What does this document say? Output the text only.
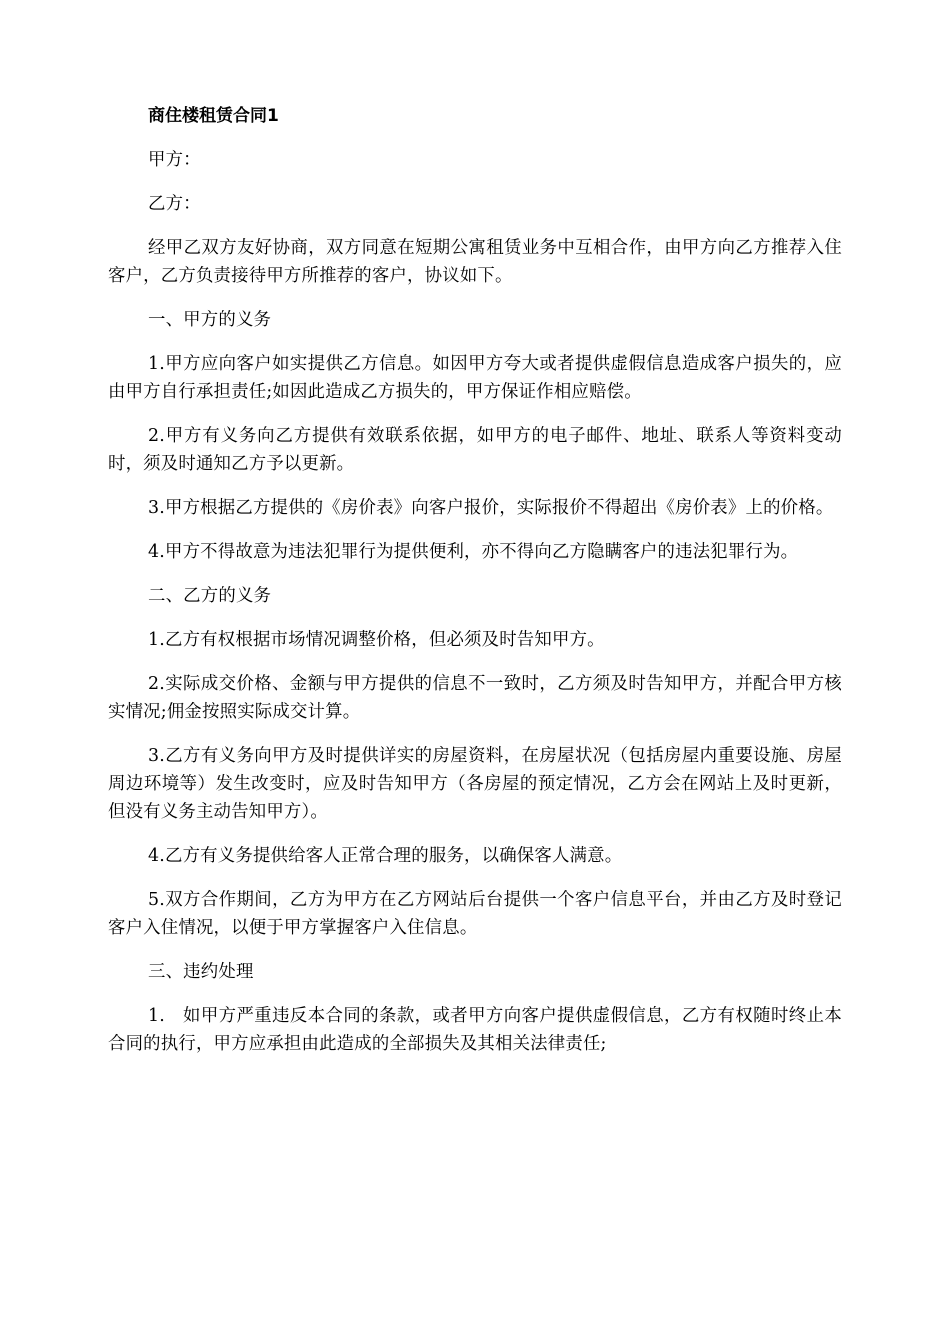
商住楼租赁合同1
甲方：
乙方：
经甲乙双方友好协商，双方同意在短期公寓租赁业务中互相合作，由甲方向乙方推荐入住客户，乙方负责接待甲方所推荐的客户，协议如下。
一、甲方的义务
1.甲方应向客户如实提供乙方信息。如因甲方夸大或者提供虚假信息造成客户损失的，应由甲方自行承担责任;如因此造成乙方损失的，甲方保证作相应赔偿。
2.甲方有义务向乙方提供有效联系依据，如甲方的电子邮件、地址、联系人等资料变动时，须及时通知乙方予以更新。
3.甲方根据乙方提供的《房价表》向客户报价，实际报价不得超出《房价表》上的价格。
4.甲方不得故意为违法犯罪行为提供便利，亦不得向乙方隐瞒客户的违法犯罪行为。
二、乙方的义务
1.乙方有权根据市场情况调整价格，但必须及时告知甲方。
2.实际成交价格、金额与甲方提供的信息不一致时，乙方须及时告知甲方，并配合甲方核实情况;佣金按照实际成交计算。
3.乙方有义务向甲方及时提供详实的房屋资料，在房屋状况（包括房屋内重要设施、房屋周边环境等）发生改变时，应及时告知甲方（各房屋的预定情况，乙方会在网站上及时更新，但没有义务主动告知甲方）。
4.乙方有义务提供给客人正常合理的服务，以确保客人满意。
5.双方合作期间，乙方为甲方在乙方网站后台提供一个客户信息平台，并由乙方及时登记客户入住情况，以便于甲方掌握客户入住信息。
三、违约处理
1.　如甲方严重违反本合同的条款，或者甲方向客户提供虚假信息，乙方有权随时终止本合同的执行，甲方应承担由此造成的全部损失及其相关法律责任;
